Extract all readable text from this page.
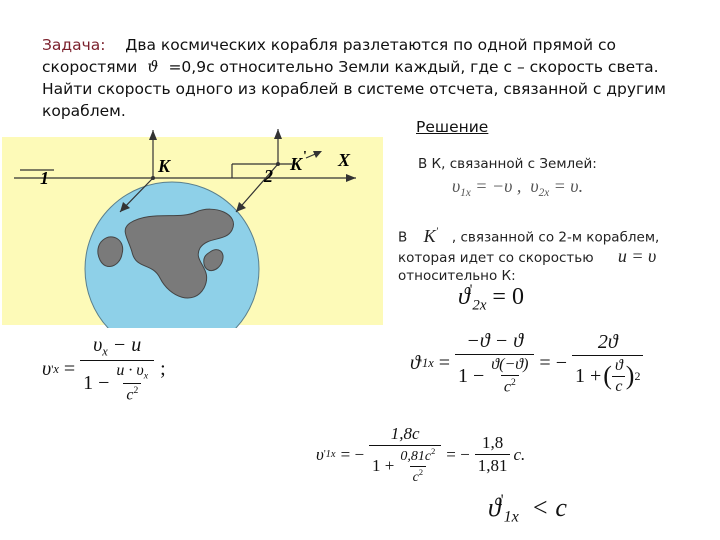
Задача: Два космических корабля разлетаются по одной прямой со
скоростями ϑ =0,9с относительно Земли каждый, где с – скорость света.
Найти скорость одного из кораблей в системе отсчета, связанной с другим
кораблем.
1
K	2
K ' X
Решение
В К, связанной с Землей:
$\upsilon_{1x} = -\upsilon$ , $\upsilon_{2x} = \upsilon$.
В K' , связанной со 2-м кораблем,
которая идет со скоростью u = υ
относительно К:
$ϑ'_{2x} = 0$
υ ' $x = \frac{\upsilon_x - u}{1 - \frac{u \cdot \upsilon_x}{c^2}}$ ;	ϑ ' $1x = \frac{-ϑ - ϑ}{1 - \frac{ϑ(-ϑ)}{c^2}}$ = − $\frac{2ϑ}{1 + ( \frac{ϑ}{c} ) 2}$
υ ' 1x = − $\frac{1,8c}{1 + \frac{0,81c^2}{c^2}}$ = − $\frac{1,8}{1,81} c$.
$ϑ'_{1x} < c$
